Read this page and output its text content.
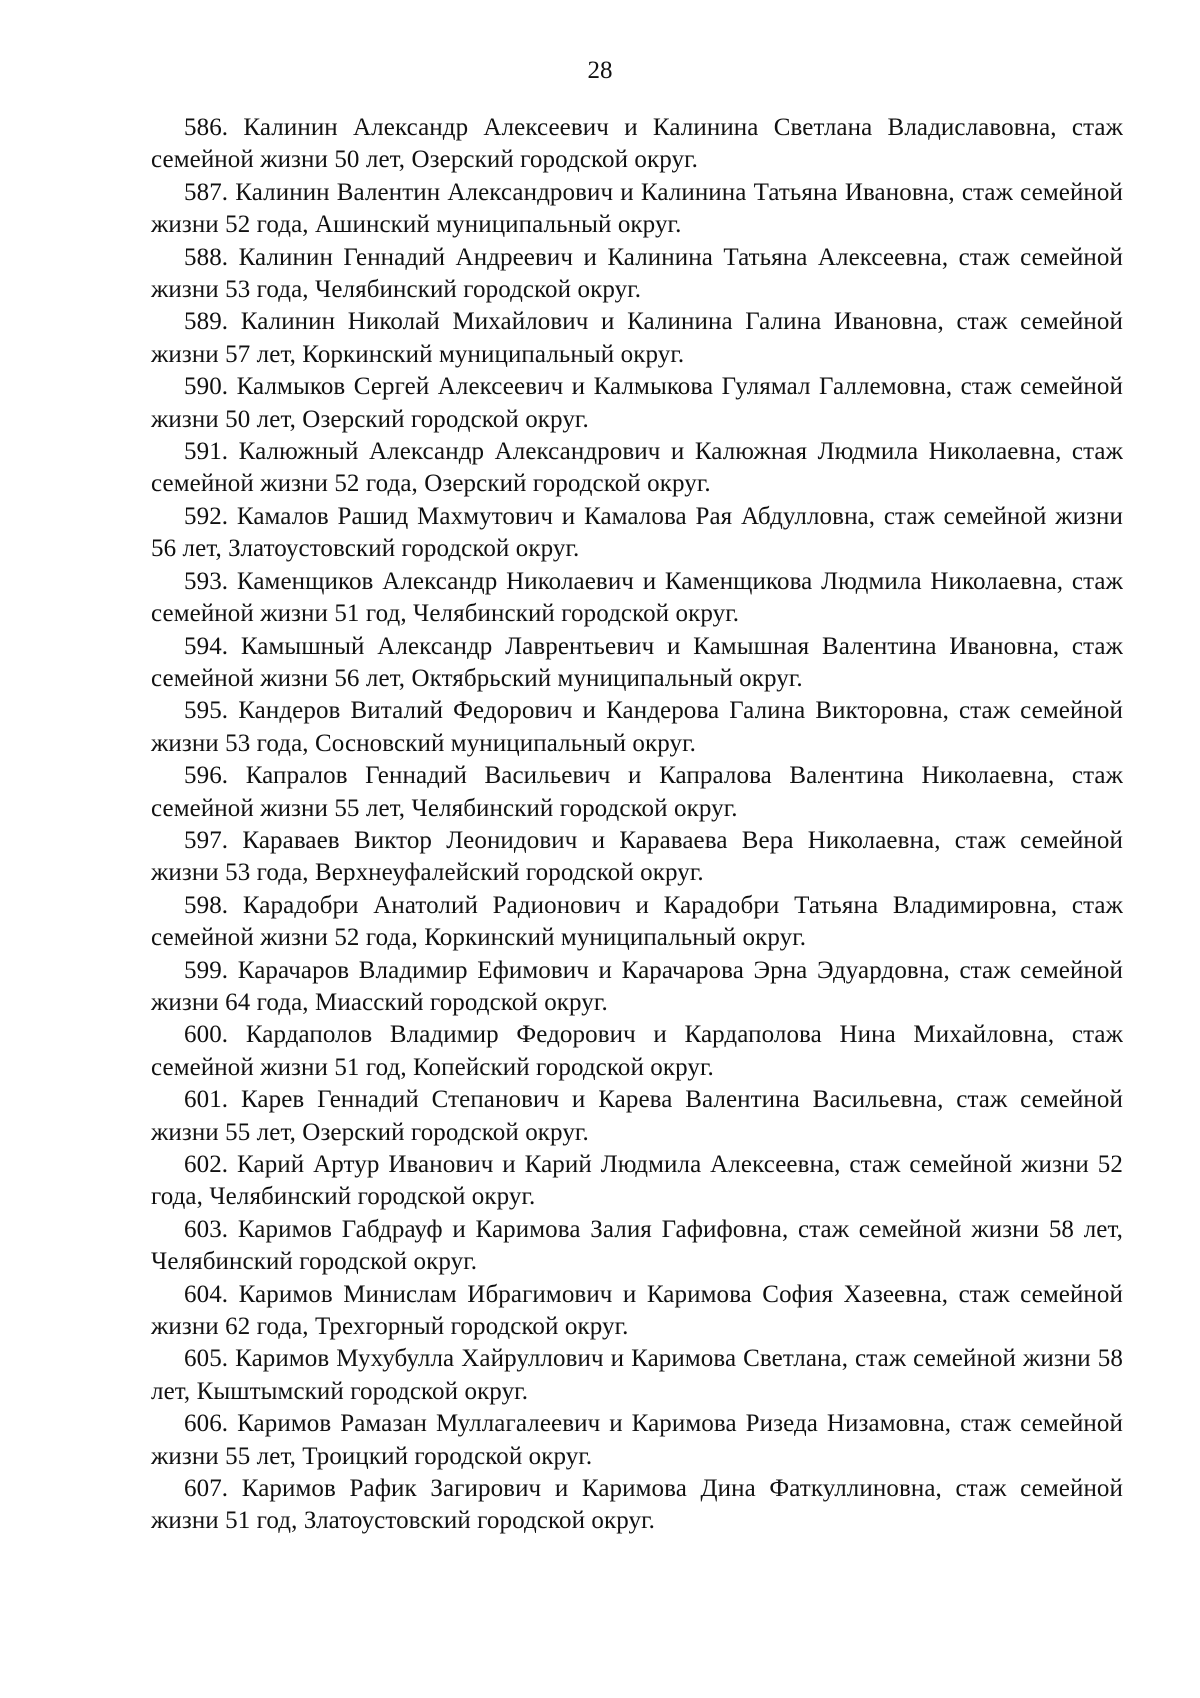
28
586. Калинин Александр Алексеевич и Калинина Светлана Владиславовна, стаж семейной жизни 50 лет, Озерский городской округ.
587. Калинин Валентин Александрович и Калинина Татьяна Ивановна, стаж семейной жизни 52 года, Ашинский муниципальный округ.
588. Калинин Геннадий Андреевич и Калинина Татьяна Алексеевна, стаж семейной жизни 53 года, Челябинский городской округ.
589. Калинин Николай Михайлович и Калинина Галина Ивановна, стаж семейной жизни 57 лет, Коркинский муниципальный округ.
590. Калмыков Сергей Алексеевич и Калмыкова Гулямал Галлемовна, стаж семейной жизни 50 лет, Озерский городской округ.
591. Калюжный Александр Александрович и Калюжная Людмила Николаевна, стаж семейной жизни 52 года, Озерский городской округ.
592. Камалов Рашид Махмутович и Камалова Рая Абдулловна, стаж семейной жизни 56 лет, Златоустовский городской округ.
593. Каменщиков Александр Николаевич и Каменщикова Людмила Николаевна, стаж семейной жизни 51 год, Челябинский городской округ.
594. Камышный Александр Лаврентьевич и Камышная Валентина Ивановна, стаж семейной жизни 56 лет, Октябрьский муниципальный округ.
595. Кандеров Виталий Федорович и Кандерова Галина Викторовна, стаж семейной жизни 53 года, Сосновский муниципальный округ.
596. Капралов Геннадий Васильевич и Капралова Валентина Николаевна, стаж семейной жизни 55 лет, Челябинский городской округ.
597. Караваев Виктор Леонидович и Караваева Вера Николаевна, стаж семейной жизни 53 года, Верхнеуфалейский городской округ.
598. Карадобри Анатолий Радионович и Карадобри Татьяна Владимировна, стаж семейной жизни 52 года, Коркинский муниципальный округ.
599. Карачаров Владимир Ефимович и Карачарова Эрна Эдуардовна, стаж семейной жизни 64 года, Миасский городской округ.
600. Кардаполов Владимир Федорович и Кардаполова Нина Михайловна, стаж семейной жизни 51 год, Копейский городской округ.
601. Карев Геннадий Степанович и Карева Валентина Васильевна, стаж семейной жизни 55 лет, Озерский городской округ.
602. Карий Артур Иванович и Карий Людмила Алексеевна, стаж семейной жизни 52 года, Челябинский городской округ.
603. Каримов Габдрауф и Каримова Залия Гафифовна, стаж семейной жизни 58 лет, Челябинский городской округ.
604. Каримов Минислам Ибрагимович и Каримова София Хазеевна, стаж семейной жизни 62 года, Трехгорный городской округ.
605. Каримов Мухубулла Хайруллович и Каримова Светлана, стаж семейной жизни 58 лет, Кыштымский городской округ.
606. Каримов Рамазан Муллагалеевич и Каримова Ризеда Низамовна, стаж семейной жизни 55 лет, Троицкий городской округ.
607. Каримов Рафик Загирович и Каримова Дина Фаткуллиновна, стаж семейной жизни 51 год, Златоустовский городской округ.
